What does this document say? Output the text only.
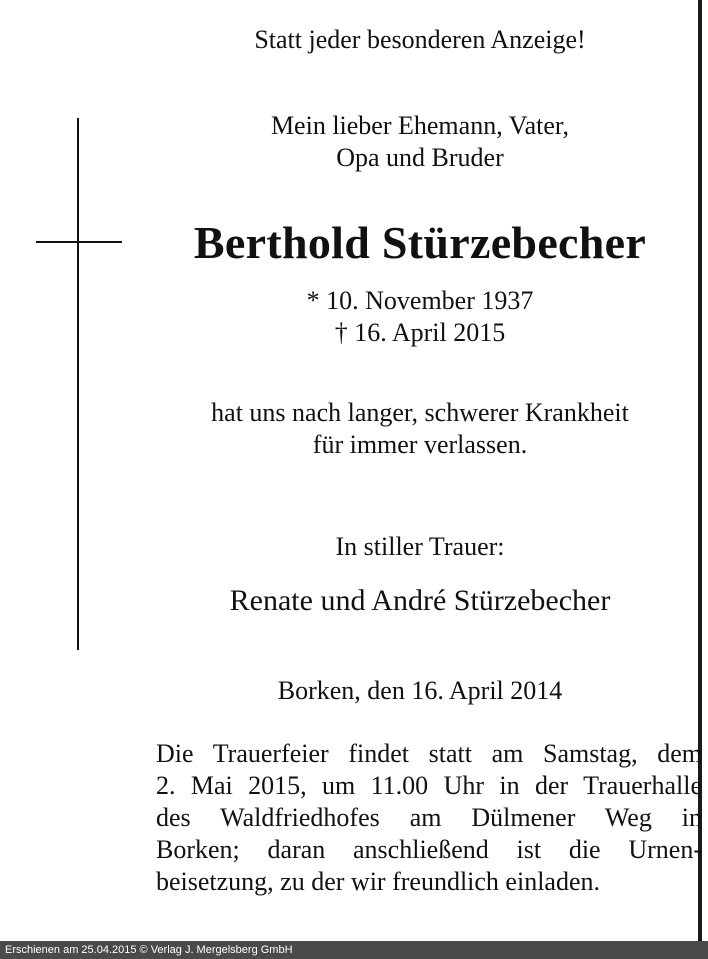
Statt jeder besonderen Anzeige!
Mein lieber Ehemann, Vater,
Opa und Bruder
Berthold Stürzebecher
* 10. November 1937
† 16. April 2015
hat uns nach langer, schwerer Krankheit
für immer verlassen.
In stiller Trauer:
Renate und André Stürzebecher
Borken, den 16. April 2014
Die Trauerfeier findet statt am Samstag, dem
2. Mai 2015, um 11.00 Uhr in der Trauerhalle
des Waldfriedhofes am Dülmener Weg in
Borken; daran anschließend ist die Urnen-
beisetzung, zu der wir freundlich einladen.
Erschienen am 25.04.2015 © Verlag J. Mergelsberg GmbH
